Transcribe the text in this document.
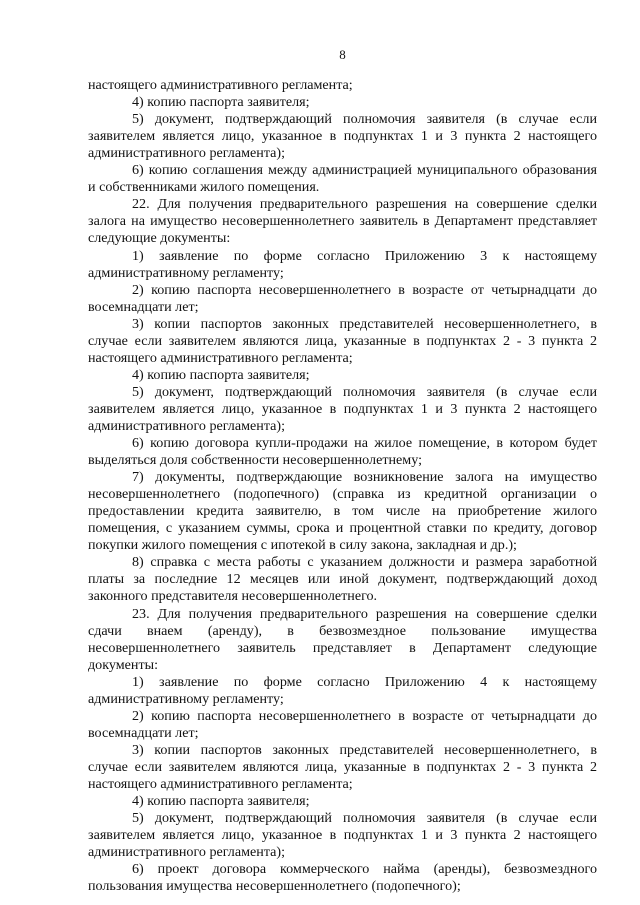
8

настоящего административного регламента;

4) копию паспорта заявителя;

5) документ, подтверждающий полномочия заявителя (в случае если заявителем является лицо, указанное в подпунктах 1 и 3 пункта 2 настоящего административного регламента);

6) копию соглашения между администрацией муниципального образования и собственниками жилого помещения.

22. Для получения предварительного разрешения на совершение сделки залога на имущество несовершеннолетнего заявитель в Департамент представляет следующие документы:

1) заявление по форме согласно Приложению 3 к настоящему административному регламенту;

2) копию паспорта несовершеннолетнего в возрасте от четырнадцати до восемнадцати лет;

3) копии паспортов законных представителей несовершеннолетнего, в случае если заявителем являются лица, указанные в подпунктах 2 - 3 пункта 2 настоящего административного регламента;

4) копию паспорта заявителя;

5) документ, подтверждающий полномочия заявителя (в случае если заявителем является лицо, указанное в подпунктах 1 и 3 пункта 2 настоящего административного регламента);

6) копию договора купли-продажи на жилое помещение, в котором будет выделяться доля собственности несовершеннолетнему;

7) документы, подтверждающие возникновение залога на имущество несовершеннолетнего (подопечного) (справка из кредитной организации о предоставлении кредита заявителю, в том числе на приобретение жилого помещения, с указанием суммы, срока и процентной ставки по кредиту, договор покупки жилого помещения с ипотекой в силу закона, закладная и др.);

8) справка с места работы с указанием должности и размера заработной платы за последние 12 месяцев или иной документ, подтверждающий доход законного представителя несовершеннолетнего.

23. Для получения предварительного разрешения на совершение сделки сдачи внаем (аренду), в безвозмездное пользование имущества несовершеннолетнего заявитель представляет в Департамент следующие документы:

1) заявление по форме согласно Приложению 4 к настоящему административному регламенту;

2) копию паспорта несовершеннолетнего в возрасте от четырнадцати до восемнадцати лет;

3) копии паспортов законных представителей несовершеннолетнего, в случае если заявителем являются лица, указанные в подпунктах 2 - 3 пункта 2 настоящего административного регламента;

4) копию паспорта заявителя;

5) документ, подтверждающий полномочия заявителя (в случае если заявителем является лицо, указанное в подпунктах 1 и 3 пункта 2 настоящего административного регламента);

6) проект договора коммерческого найма (аренды), безвозмездного пользования имущества несовершеннолетнего (подопечного);
